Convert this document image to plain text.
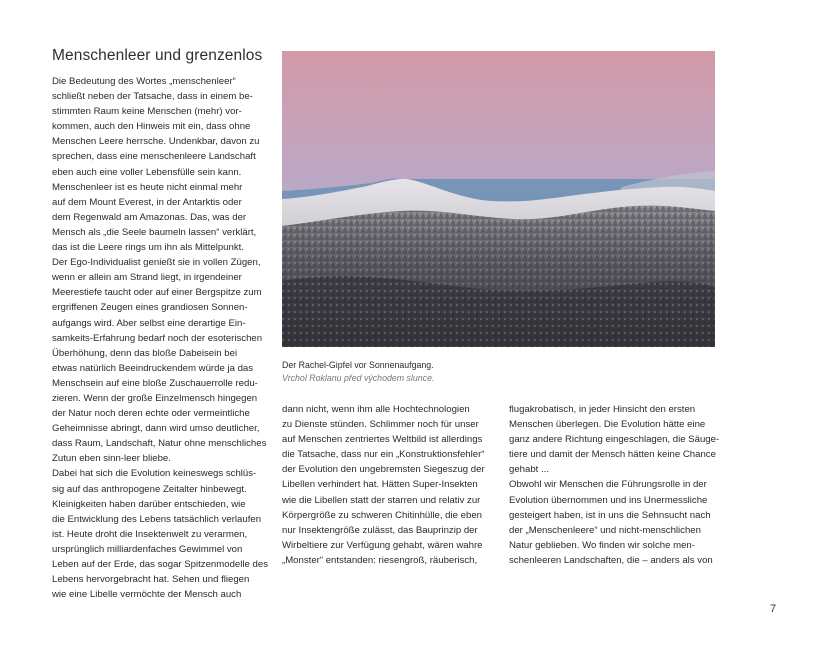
Menschenleer und grenzenlos
Die Bedeutung des Wortes „menschenleer“
schließt neben der Tatsache, dass in einem be-
stimmten Raum keine Menschen (mehr) vor-
kommen, auch den Hinweis mit ein, dass ohne
Menschen Leere herrsche. Undenkbar, davon zu
sprechen, dass eine menschenleere Landschaft
eben auch eine voller Lebensfülle sein kann.
Menschenleer ist es heute nicht einmal mehr
auf dem Mount Everest, in der Antarktis oder
dem Regenwald am Amazonas. Das, was der
Mensch als „die Seele baumeln lassen“ verklärt,
das ist die Leere rings um ihn als Mittelpunkt.
Der Ego-Individualist genießt sie in vollen Zügen,
wenn er allein am Strand liegt, in irgendeiner
Meerestiefe taucht oder auf einer Bergspitze zum
ergriffenen Zeugen eines grandiosen Sonnen-
aufgangs wird. Aber selbst eine derartige Ein-
samkeits-Erfahrung bedarf noch der esoterischen
Überhöhung, denn das bloße Dabeisein bei
etwas natürlich Beeindruckendem würde ja das
Menschsein auf eine bloße Zuschauerrolle redu-
zieren. Wenn der große Einzelmensch hingegen
der Natur noch deren echte oder vermeintliche
Geheimnisse abringt, dann wird umso deutlicher,
dass Raum, Landschaft, Natur ohne menschliches
Zutun eben sinn-leer bliebe.
Dabei hat sich die Evolution keineswegs schlüs-
sig auf das anthropogene Zeitalter hinbewegt.
Kleinigkeiten haben darüber entschieden, wie
die Entwicklung des Lebens tatsächlich verlaufen
ist. Heute droht die Insektenwelt zu verarmen,
ursprünglich milliardenfaches Gewimmel von
Leben auf der Erde, das sogar Spitzenmodelle des
Lebens hervorgebracht hat. Sehen und fliegen
wie eine Libelle vermöchte der Mensch auch
Der Rachel-Gipfel vor Sonnenaufgang.
Vrchol Roklanu před východem slunce.
dann nicht, wenn ihm alle Hochtechnologien
zu Dienste stünden. Schlimmer noch für unser
auf Menschen zentriertes Weltbild ist allerdings
die Tatsache, dass nur ein „Konstruktionsfehler“
der Evolution den ungebremsten Siegeszug der
Libellen verhindert hat. Hätten Super-Insekten
wie die Libellen statt der starren und relativ zur
Körpergröße zu schweren Chitinhülle, die eben
nur Insektengröße zulässt, das Bauprinzip der
Wirbeltiere zur Verfügung gehabt, wären wahre
„Monster“ entstanden: riesengroß, räuberisch,
flugakrobatisch, in jeder Hinsicht den ersten
Menschen überlegen. Die Evolution hätte eine
ganz andere Richtung eingeschlagen, die Säuge-
tiere und damit der Mensch hätten keine Chance
gehabt ...
Obwohl wir Menschen die Führungsrolle in der
Evolution übernommen und ins Unermessliche
gesteigert haben, ist in uns die Sehnsucht nach
der „Menschenleere“ und nicht-menschlichen
Natur geblieben. Wo finden wir solche men-
schenleeren Landschaften, die – anders als von
7
